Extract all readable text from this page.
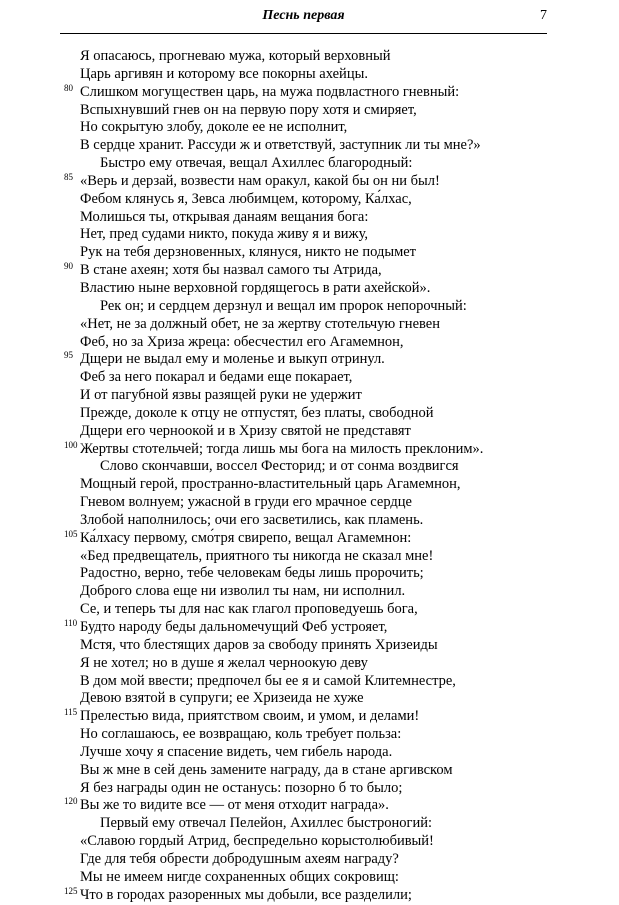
Песнь первая	7
Я опасаюсь, прогневаю мужа, который верховный
Царь аргивян и которому все покорны ахейцы.
80 Слишком могуществен царь, на мужа подвластного гневный:
Вспыхнувший гнев он на первую пору хотя и смиряет,
Но сокрытую злобу, доколе ее не исполнит,
В сердце хранит. Рассуди ж и ответствуй, заступник ли ты мне?»
Быстро ему отвечая, вещал Ахиллес благородный:
85 «Верь и дерзай, возвести нам оракул, какой бы он ни был!
Фебом клянусь я, Зевса любимцем, которому, Ка́лхас,
Молишься ты, открывая данаям вещания бога:
Нет, пред судами никто, покуда живу я и вижу,
Рук на тебя дерзновенных, клянуся, никто не подымет
90 В стане ахеян; хотя бы назвал самого ты Атрида,
Властию ныне верховной гордящегось в рати ахейской».
Рек он; и сердцем дерзнул и вещал им пророк непорочный:
«Нет, не за должный обет, не за жертву стотельчую гневен
Феб, но за Хриза жреца: обесчестил его Агамемнон,
95 Дщери не выдал ему и моленье и выкуп отринул.
Феб за него покарал и бедами еще покарает,
И от пагубной язвы разящей руки не удержит
Прежде, доколе к отцу не отпустят, без платы, свободной
Дщери его черноокой и в Хризу святой не представят
100 Жертвы стотельчей; тогда лишь мы бога на милость преклоним».
Слово скончавши, воссел Фесторид; и от сонма воздвигся
Мощный герой, пространно-властительный царь Агамемнон,
Гневом волнуем; ужасной в груди его мрачное сердце
Злобой наполнилось; очи его засветились, как пламень.
105 Ка́лхасу первому, смо́тря свирепо, вещал Агамемнон:
«Бед предвещатель, приятного ты никогда не сказал мне!
Радостно, верно, тебе человекам беды лишь пророчить;
Доброго слова еще ни изволил ты нам, ни исполнил.
Се, и теперь ты для нас как глагол проповедуешь бога,
110 Будто народу беды дальномечущий Феб устрояет,
Мстя, что блестящих даров за свободу принять Хризеиды
Я не хотел; но в душе я желал черноокую деву
В дом мой ввести; предпочел бы ее я и самой Клитемнестре,
Девою взятой в супруги; ее Хризеида не хуже
115 Прелестью вида, приятством своим, и умом, и делами!
Но соглашаюсь, ее возвращаю, коль требует польза:
Лучше хочу я спасение видеть, чем гибель народа.
Вы ж мне в сей день замените награду, да в стане аргивском
Я без награды один не останусь: позорно б то было;
120 Вы же то видите все — от меня отходит награда».
Первый ему отвечал Пелейон, Ахиллес быстроногий:
«Славою гордый Атрид, беспредельно корыстолюбивый!
Где для тебя обрести добродушным ахеям награду?
Мы не имеем нигде сохраненных общих сокровищ:
125 Что в городах разоренных мы добыли, все разделили;
